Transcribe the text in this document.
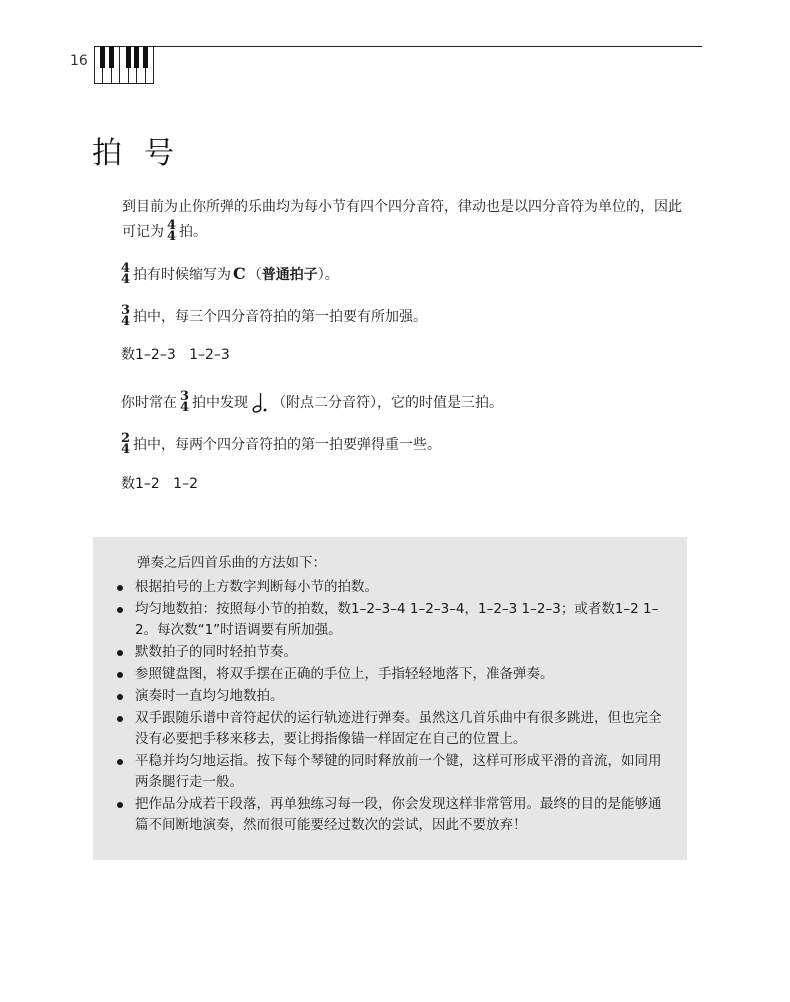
16
拍号

到目前为止你所弹的乐曲均为每小节有四个四分音符，律动也是以四分音符为单位的，因此可记为 4
4 拍。

4
4 拍有时候缩写为 C （普通拍子）。

3
4 拍中，每三个四分音符拍的第一拍要有所加强。

数1–2–3   1–2–3

你时常在 3
4 拍中发现 （附点二分音符），它的时值是三拍。

2
4 拍中，每两个四分音符拍的第一拍要弹得重一些。

数1–2   1–2

弹奏之后四首乐曲的方法如下：

根据拍号的上方数字判断每小节的拍数。
均匀地数拍：按照每小节的拍数，数1–2–3–4 1–2–3–4，1–2–3 1–2–3；或者数1–2 1–2。每次数“1”时语调要有所加强。
默数拍子的同时轻拍节奏。
参照键盘图，将双手摆在正确的手位上，手指轻轻地落下，准备弹奏。
演奏时一直均匀地数拍。
双手跟随乐谱中音符起伏的运行轨迹进行弹奏。虽然这几首乐曲中有很多跳进，但也完全没有必要把手移来移去，要让拇指像锚一样固定在自己的位置上。
平稳并均匀地运指。按下每个琴键的同时释放前一个键，这样可形成平滑的音流，如同用两条腿行走一般。
把作品分成若干段落，再单独练习每一段，你会发现这样非常管用。最终的目的是能够通篇不间断地演奏，然而很可能要经过数次的尝试，因此不要放弃！
